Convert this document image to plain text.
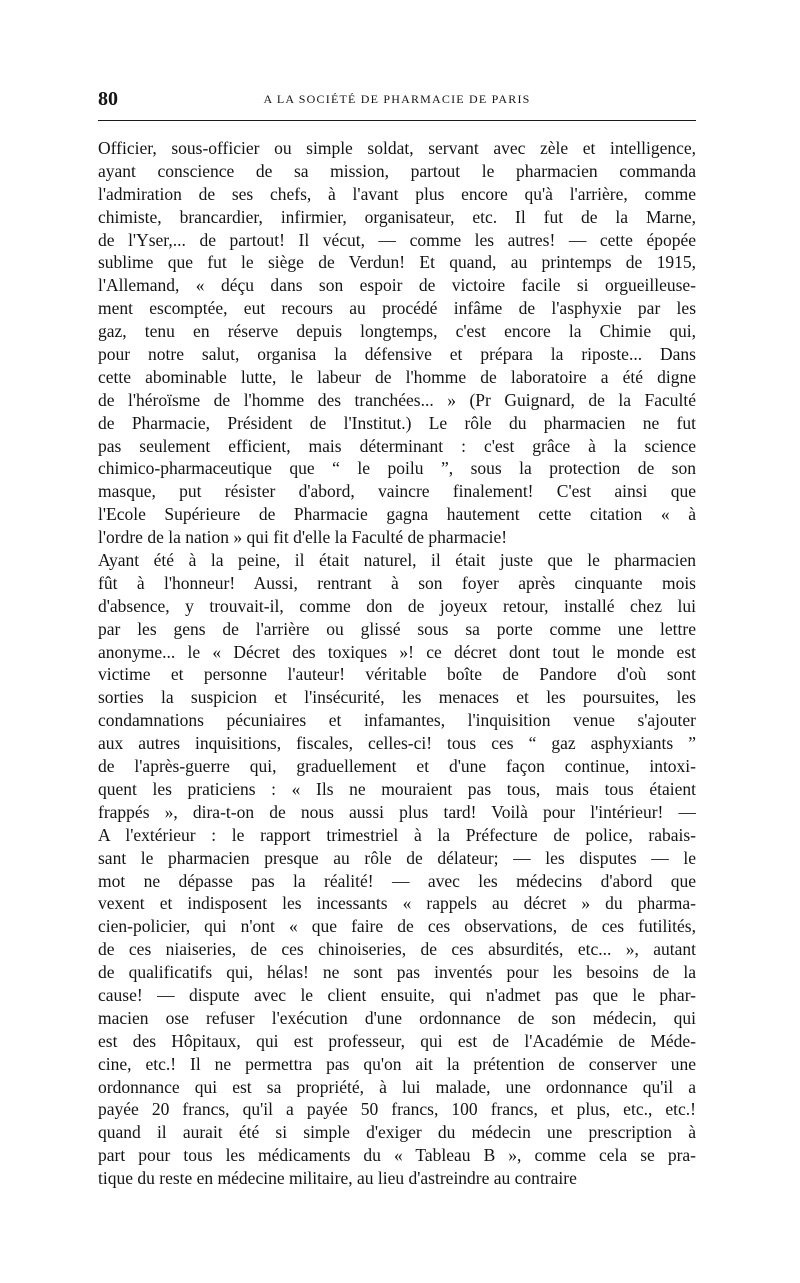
80	A LA SOCIÉTÉ DE PHARMACIE DE PARIS
Officier, sous-officier ou simple soldat, servant avec zèle et intelligence,
ayant conscience de sa mission, partout le pharmacien commanda
l'admiration de ses chefs, à l'avant plus encore qu'à l'arrière, comme
chimiste, brancardier, infirmier, organisateur, etc. Il fut de la Marne,
de l'Yser,... de partout! Il vécut, — comme les autres! — cette épopée
sublime que fut le siège de Verdun! Et quand, au printemps de 1915,
l'Allemand, « déçu dans son espoir de victoire facile si orgueilleuse-
ment escomptée, eut recours au procédé infâme de l'asphyxie par les
gaz, tenu en réserve depuis longtemps, c'est encore la Chimie qui,
pour notre salut, organisa la défensive et prépara la riposte... Dans
cette abominable lutte, le labeur de l'homme de laboratoire a été digne
de l'héroïsme de l'homme des tranchées... » (Pr Guignard, de la Faculté
de Pharmacie, Président de l'Institut.) Le rôle du pharmacien ne fut
pas seulement efficient, mais déterminant : c'est grâce à la science
chimico-pharmaceutique que “ le poilu ”, sous la protection de son
masque, put résister d'abord, vaincre finalement! C'est ainsi que
l'Ecole Supérieure de Pharmacie gagna hautement cette citation « à
l'ordre de la nation » qui fit d'elle la Faculté de pharmacie!
Ayant été à la peine, il était naturel, il était juste que le pharmacien
fût à l'honneur! Aussi, rentrant à son foyer après cinquante mois
d'absence, y trouvait-il, comme don de joyeux retour, installé chez lui
par les gens de l'arrière ou glissé sous sa porte comme une lettre
anonyme... le « Décret des toxiques »! ce décret dont tout le monde est
victime et personne l'auteur! véritable boîte de Pandore d'où sont
sorties la suspicion et l'insécurité, les menaces et les poursuites, les
condamnations pécuniaires et infamantes, l'inquisition venue s'ajouter
aux autres inquisitions, fiscales, celles-ci! tous ces “ gaz asphyxiants ”
de l'après-guerre qui, graduellement et d'une façon continue, intoxi-
quent les praticiens : « Ils ne mouraient pas tous, mais tous étaient
frappés », dira-t-on de nous aussi plus tard! Voilà pour l'intérieur! —
A l'extérieur : le rapport trimestriel à la Préfecture de police, rabais-
sant le pharmacien presque au rôle de délateur; — les disputes — le
mot ne dépasse pas la réalité! — avec les médecins d'abord que
vexent et indisposent les incessants « rappels au décret » du pharma-
cien-policier, qui n'ont « que faire de ces observations, de ces futilités,
de ces niaiseries, de ces chinoiseries, de ces absurdités, etc... », autant
de qualificatifs qui, hélas! ne sont pas inventés pour les besoins de la
cause! — dispute avec le client ensuite, qui n'admet pas que le phar-
macien ose refuser l'exécution d'une ordonnance de son médecin, qui
est des Hôpitaux, qui est professeur, qui est de l'Académie de Méde-
cine, etc.! Il ne permettra pas qu'on ait la prétention de conserver une
ordonnance qui est sa propriété, à lui malade, une ordonnance qu'il a
payée 20 francs, qu'il a payée 50 francs, 100 francs, et plus, etc., etc.!
quand il aurait été si simple d'exiger du médecin une prescription à
part pour tous les médicaments du « Tableau B », comme cela se pra-
tique du reste en médecine militaire, au lieu d'astreindre au contraire
